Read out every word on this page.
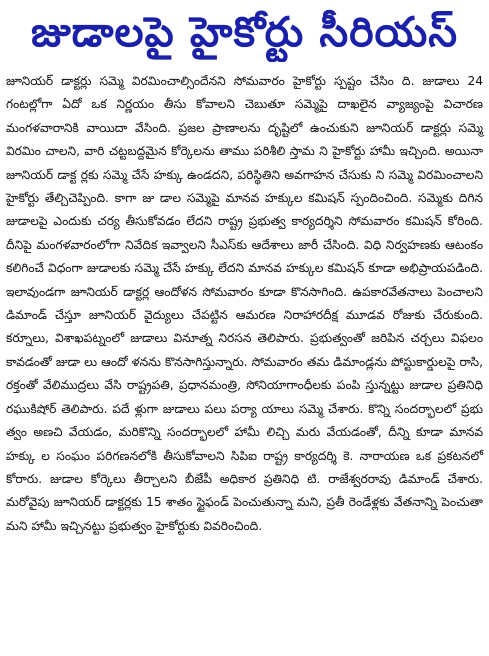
జుడాలపై హైకోర్టు సీరియస్

జూనియర్ డాక్టర్లు సమ్మె విరమించాల్సిందేనని సోమవారం హైకోర్టు స్పష్టం చేసిం ది. జుడాలు 24 గంటల్లోగా ఏదో ఒక నిర్ణయం తీసు కోవాలని చెబుతూ సమ్మెపై దాఖలైన వ్యాజ్యంపై విచారణ మంగళవారానికి వాయిదా వేసింది. ప్రజల ప్రాణాలను దృష్టిలో ఉంచుకుని జూనియర్ డాక్టర్లు సమ్మె విరమిం చాలని, వారి చట్టబద్దమైన కోర్కెలను తాము పరిశీలి స్తామ ని హైకోర్టు హామీ ఇచ్చింది. అయినా జూనియర్ డాక్ట ర్లకు సమ్మె చేసే హక్కు ఉండదని, పరిస్థితిని అవగాహన చేసుకు ని సమ్మె విరమించాలని హైకోర్టు తేల్చిచెప్పింది. కాగా జు డాల సమ్మెపై మానవ హక్కుల కమిషన్ స్పందించింది. సమ్మెకు దిగిన జుడాలపై ఎందుకు చర్య తీసుకోవడం లేదని రాష్ట్ర ప్రభుత్వ కార్యదర్శిని సోమవారం కమిషన్ కోరింది. దీనిపై మంగళవారంలోగా నివేదిక ఇవ్వాలని సీఎస్‌కు ఆదేశాలు జారీ చేసింది. విధి నిర్వహణకు ఆటంకం కలిగించే విధంగా జుడాలకు సమ్మె చేసే హక్కు లేదని మానవ హక్కుల కమిషన్ కూడా అభిప్రాయపడింది. ఇలావుండగా జూనియర్ డాక్టర్ల ఆందోళన సోమవారం కూడా కొనసాగింది. ఉపకారవేతనాలు పెంచాలని డిమాండ్ చేస్తూ జూనియర్ వైద్యులు చేపట్టిన ఆమరణ నిరాహారదీక్ష మూడవ రోజుకు చేరుకుంది. కర్నూలు, విశాఖపట్నంలో జుడాలు వినూత్న నిరసన తెలిపారు. ప్రభుత్వంతో జరిపిన చర్చలు విఫలం కావడంతో జుడా లు ఆందో ళనను కొనసాగిస్తున్నారు. సోమవారం తమ డిమాండ్లను పోస్టుకార్డులపై రాసి, రక్తంతో వేలిముద్రలు వేసి రాష్ట్రపతి, ప్రధానమంత్రి, సోనియాగాంధీలకు పంపి స్తున్నట్టు జుడాల ప్రతినిధి రఘుకిషోర్ తెలిపారు. పదే ళ్లుగా జుడాలు పలు పర్యా యాలు సమ్మె చేశారు. కొన్ని సందర్భాలలో ప్రభు త్వం అణచి వేయడం, మరికొన్ని సందర్భాలలో హామీ లిచ్చి మరు వేయడంతో, దీన్ని కూడా మానవ హక్కు ల సంఘం పరిగణనలోకి తీసుకోవాలని సిపిఐ రాష్ట్ర కార్యదర్శి కె. నారాయణ ఒక ప్రకటనలో కోరారు. జుడాల కోర్కెలు తీర్చాలని బీజేపీ అధికార ప్రతినిధి టి. రాజేశ్వరరావు డిమాండ్ చేశారు. మరోవైపు జూనియర్ డాక్టర్లకు 15 శాతం స్టైఫండ్ పెంచుతున్నా మని, ప్రతీ రెండేళ్లకు వేతనాన్ని పెంచుతా మని హామీ ఇచ్చినట్టు ప్రభుత్వం హైకోర్టుకు వివరించింది.
